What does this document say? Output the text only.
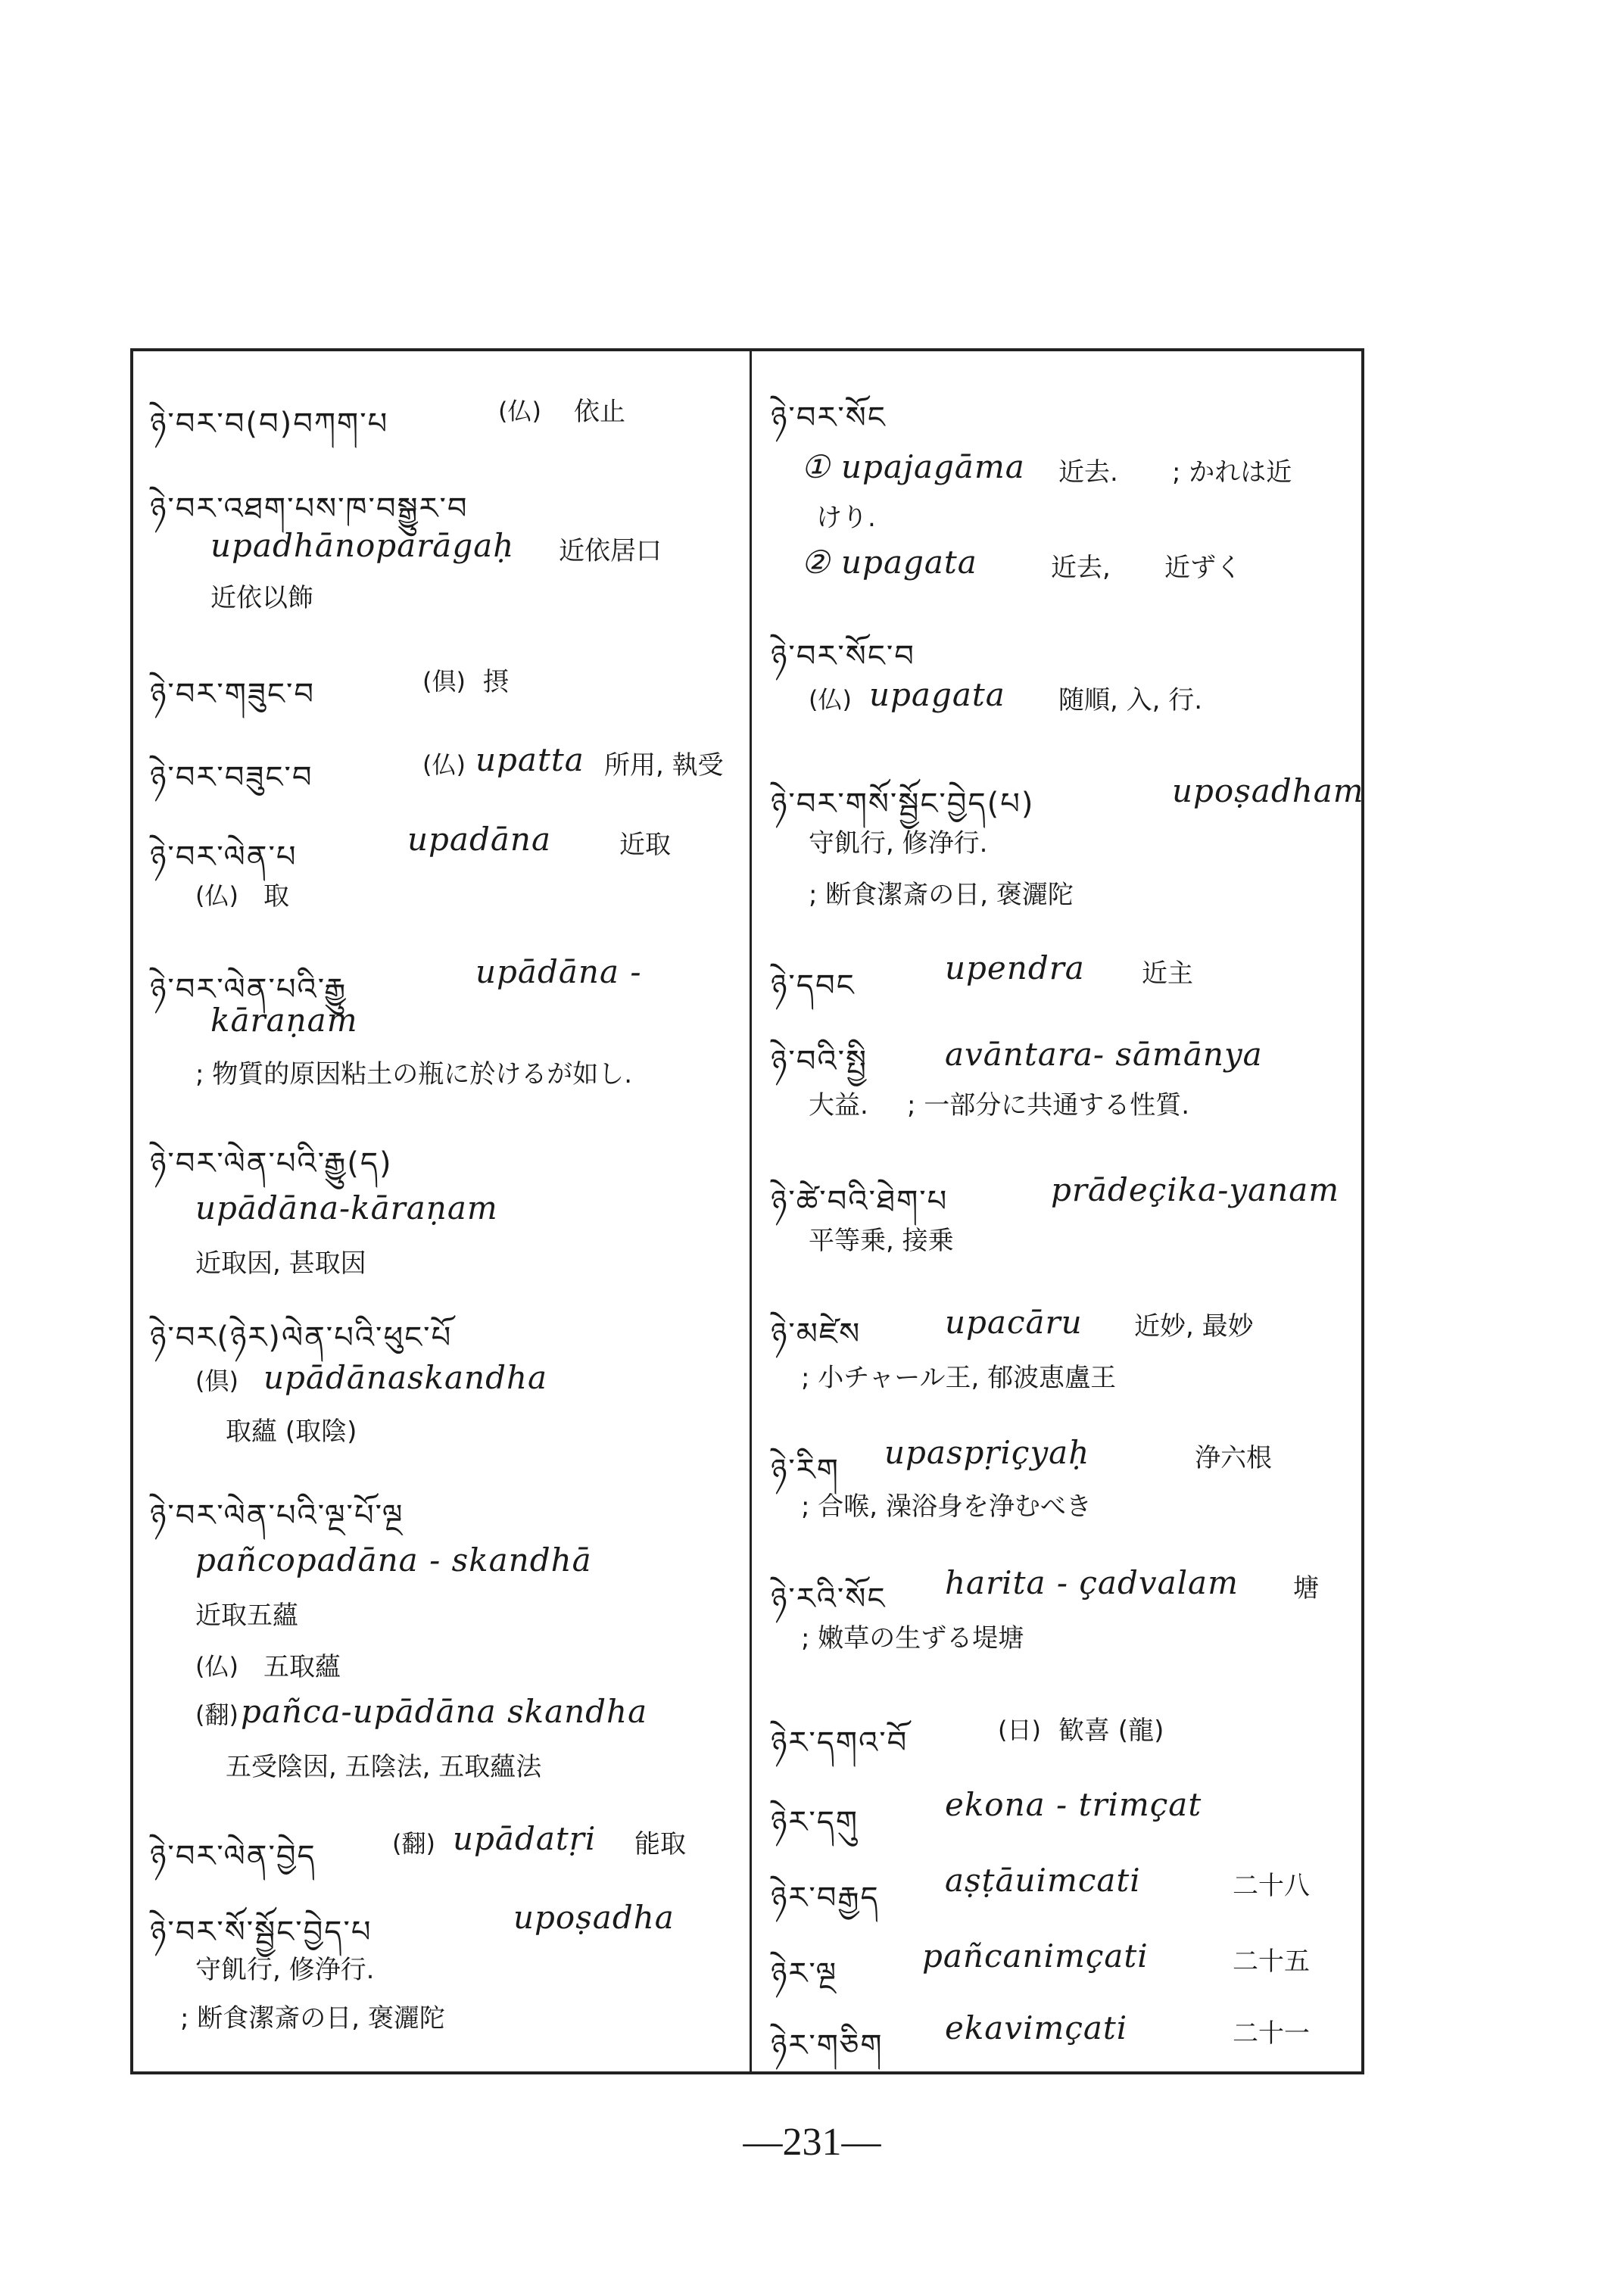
ཉེ་བར་བ(བ)བཀག་པ	(仏) 依止
ཉེ་བར་འཐག་པས་ཁ་བསྒྱུར་བ
upadhānoparāgaḥ 近依居口
近依以飾
ཉེ་བར་གཟུང་བ	(倶) 摂
ཉེ་བར་བཟུང་བ	(仏) upatta 所用, 執受
ཉེ་བར་ལེན་པ	upadāna	近取
(仏) 取
ཉེ་བར་ལེན་པའི་རྒྱུ	upādāna -
kāraṇam
; 物質的原因粘土の瓶に於けるが如し.
ཉེ་བར་ལེན་པའི་རྒྱུ(ད)
upādāna-kāraṇam
近取因, 甚取因
ཉེ་བར(ཉེར)ལེན་པའི་ཕུང་པོ
(倶) upādānaskandha
取蘊 (取陰)
ཉེ་བར་ལེན་པའི་ལྔ་པོ་ལྔ
pañcopadāna - skandhā
近取五蘊
(仏) 五取蘊
(翻) pañca-upādāna skandha
五受陰因, 五陰法, 五取蘊法
ཉེ་བར་ལེན་བྱེད	(翻) upādatṛi 能取
ཉེ་བར་སོ་སྦྱོང་བྱེད་པ	upoṣadha
守飢行, 修浄行.
; 断食潔斎の日, 褒灑陀
ཉེ་བར་སོང
① upajagāma 近去. ; かれは近
けり.
② upagata	近去, 近ずく
ཉེ་བར་སོང་བ
(仏) upagata 随順, 入, 行.
ཉེ་བར་གསོ་སྦྱོང་བྱེད(པ)	upoṣadham
守飢行, 修浄行.
; 断食潔斎の日, 褒灑陀
ཉེ་དབང	upendra 近主
ཉེ་བའི་སྤྱི avāntara- sāmānya
大益. ; 一部分に共通する性質.
ཉེ་ཚེ་བའི་ཐེག་པ	prādeçika-yanam
平等乗, 接乗
ཉེ་མཛེས	upacāru 近妙, 最妙
; 小チャール王, 郁波恵盧王
ཉེ་རིག upaspṛiçyaḥ	浄六根
; 合喉, 澡浴身を浄むべき
ཉེ་རའི་སོང harita - çadvalam 塘
; 嫩草の生ずる堤塘
ཉེར་དགའ་བོ	(日) 歓喜 (龍)
ཉེར་དགུ	ekona - trimçat
ཉེར་བརྒྱད aṣṭāuimcati	二十八
ཉེར་ལྔ	pañcanimçati	二十五
ཉེར་གཅིག ekavimçati	二十一
—231—
